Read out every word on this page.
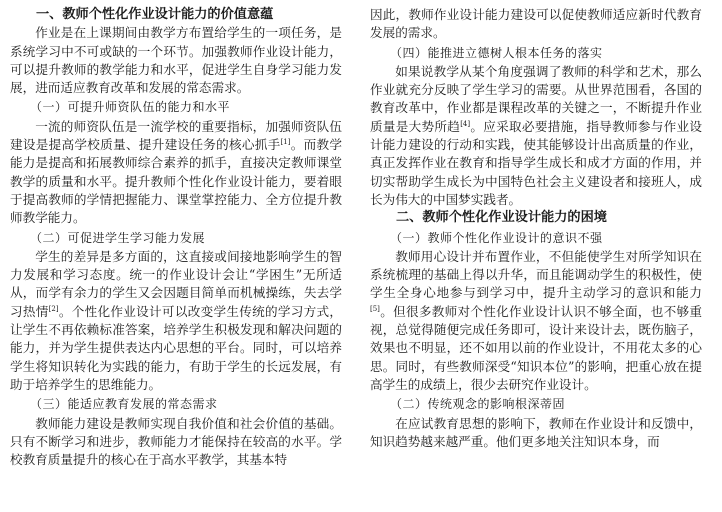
一、教师个性化作业设计能力的价值意蕴

作业是在上课期间由教学方布置给学生的一项任务，是系统学习中不可或缺的一个环节。加强教师作业设计能力，可以提升教师的教学能力和水平，促进学生自身学习能力发展，进而适应教育改革和发展的常态需求。

（一）可提升师资队伍的能力和水平

一流的师资队伍是一流学校的重要指标，加强师资队伍建设是提高学校质量、提升建设任务的核心抓手[1]。而教学能力是提高和拓展教师综合素养的抓手，直接决定教师课堂教学的质量和水平。提升教师个性化作业设计能力，要着眼于提高教师的学情把握能力、课堂掌控能力、全方位提升教师教学能力。

（二）可促进学生学习能力发展

学生的差异是多方面的，这直接或间接地影响学生的智力发展和学习态度。统一的作业设计会让“学困生”无所适从，而学有余力的学生又会因题目简单而机械操练，失去学习热情[2]。个性化作业设计可以改变学生传统的学习方式，让学生不再依赖标准答案，培养学生积极发现和解决问题的能力，并为学生提供表达内心思想的平台。同时，可以培养学生将知识转化为实践的能力，有助于学生的长远发展，有助于培养学生的思维能力。

（三）能适应教育发展的常态需求

教师能力建设是教师实现自我价值和社会价值的基础。只有不断学习和进步，教师能力才能保持在较高的水平。学校教育质量提升的核心在于高水平教学，其基本特

因此，教师作业设计能力建设可以促使教师适应新时代教育发展的需求。

（四）能推进立德树人根本任务的落实

如果说教学从某个角度强调了教师的科学和艺术，那么作业就充分反映了学生学习的需要。从世界范围看，各国的教育改革中，作业都是课程改革的关键之一，不断提升作业质量是大势所趋[4]。应采取必要措施，指导教师参与作业设计能力建设的行动和实践，使其能够设计出高质量的作业，真正发挥作业在教育和指导学生成长和成才方面的作用，并切实帮助学生成长为中国特色社会主义建设者和接班人，成长为伟大的中国梦实践者。

二、教师个性化作业设计能力的困境
（一）教师个性化作业设计的意识不强

教师用心设计并布置作业，不但能使学生对所学知识在系统梳理的基础上得以升华，而且能调动学生的积极性，使学生全身心地参与到学习中，提升主动学习的意识和能力[5]。但很多教师对个性化作业设计认识不够全面，也不够重视，总觉得随便完成任务即可，设计来设计去，既伤脑子，效果也不明显，还不如用以前的作业设计，不用花太多的心思。同时，有些教师深受“知识本位”的影响，把重心放在提高学生的成绩上，很少去研究作业设计。

（二）传统观念的影响根深蒂固

在应试教育思想的影响下，教师在作业设计和反馈中，知识趋势越来越严重。他们更多地关注知识本身，而
